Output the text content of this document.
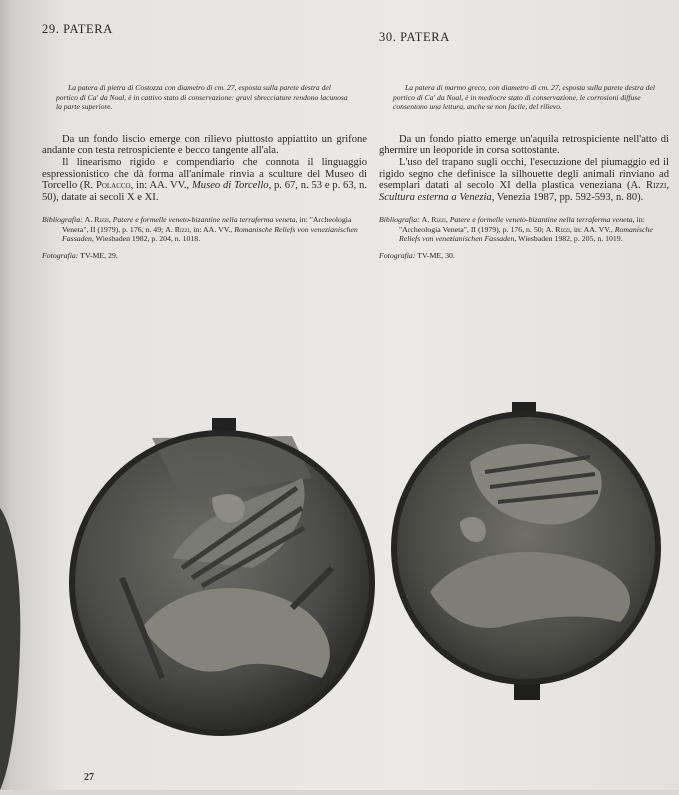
29. PATERA
La patera di pietra di Costozza con diametro di cm. 27, esposta sulla parete destra del portico di Ca' da Noal, è in cattivo stato di conservazione: gravi sbrecciature rendono lacunosa la parte superiore.

Da un fondo liscio emerge con rilievo piuttosto appiattito un grifone andante con testa retrospiciente e becco tangente all'ala.

Il linearismo rigido e compendiario che connota il linguaggio espressionistico che dà forma all'animale rinvia a sculture del Museo di Torcello (R. Polacco, in: AA. VV., Museo di Torcello, p. 67, n. 53 e p. 63, n. 50), datate ai secoli X e XI.

Bibliografia: A. Rizzi, Patere e formelle veneto-bizantine nella terraferma veneta, in: "Archeologia Veneta", II (1979), p. 176, n. 49; A. Rizzi, in: AA. VV., Romanische Reliefs von venezianischen Fassaden, Wiesbaden 1982, p. 204, n. 1018.

Fotografia: TV-ME, 29.

30. PATERA
La patera di marmo greco, con diametro di cm. 27, esposta sulla parete destra del portico di Ca' da Noal, è in mediocre stato di conservazione, le corrosioni diffuse consentono una lettura, anche se non facile, del rilievo.

Da un fondo piatto emerge un'aquila retrospiciente nell'atto di ghermire un leoporide in corsa sottostante.

L'uso del trapano sugli occhi, l'esecuzione del piumaggio ed il rigido segno che definisce la silhouette degli animali rinviano ad esemplari datati al secolo XI della plastica veneziana (A. Rizzi, Scultura esterna a Venezia, Venezia 1987, pp. 592-593, n. 80).

Bibliografia: A. Rizzi, Patere e formelle veneto-bizantine nella terraferma veneta, in: "Archeologia Veneta", II (1979), p. 176, n. 50; A. Rizzi, in: AA. VV., Romanische Reliefs von venezianischen Fassaden, Wiesbaden 1982, p. 205, n. 1019.

Fotografia: TV-ME, 30.

27
